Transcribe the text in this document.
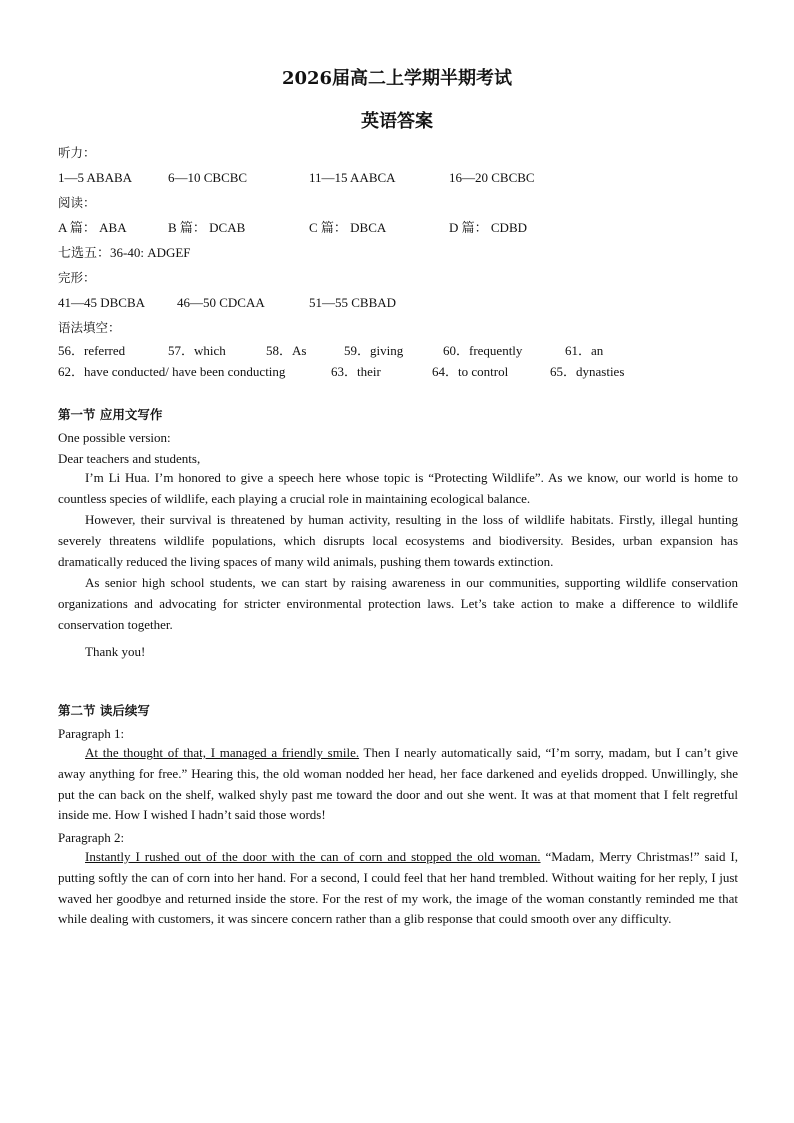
2026届高二上学期半期考试
英语答案
听力：
1—5 ABABA	6—10 CBCBC	11—15 AABCA	16—20 CBCBC
阅读：
A 篇： ABA	B 篇： DCAB	C 篇： DBCA	D 篇： CDBD
七选五：36-40: ADGEF
完形：
41—45 DBCBA 46—50 CDCAA	51—55 CBBAD
语法填空：
56．referred	57．which	58．As	59．giving	60．frequently	61．an
62．have conducted/ have been conducting	63．their	64．to control	65．dynasties
第一节 应用文写作
One possible version:
Dear teachers and students,
I’m Li Hua. I’m honored to give a speech here whose topic is “Protecting Wildlife”. As we know, our world is home to countless species of wildlife, each playing a crucial role in maintaining ecological balance.
However, their survival is threatened by human activity, resulting in the loss of wildlife habitats. Firstly, illegal hunting severely threatens wildlife populations, which disrupts local ecosystems and biodiversity. Besides, urban expansion has dramatically reduced the living spaces of many wild animals, pushing them towards extinction.
As senior high school students, we can start by raising awareness in our communities, supporting wildlife conservation organizations and advocating for stricter environmental protection laws. Let’s take action to make a difference to wildlife conservation together.
Thank you!
第二节 读后续写
Paragraph 1:
At the thought of that, I managed a friendly smile. Then I nearly automatically said, “I’m sorry, madam, but I can’t give away anything for free.” Hearing this, the old woman nodded her head, her face darkened and eyelids dropped. Unwillingly, she put the can back on the shelf, walked shyly past me toward the door and out she went. It was at that moment that I felt regretful inside me. How I wished I hadn’t said those words!
Paragraph 2:
Instantly I rushed out of the door with the can of corn and stopped the old woman. “Madam, Merry Christmas!” said I, putting softly the can of corn into her hand. For a second, I could feel that her hand trembled. Without waiting for her reply, I just waved her goodbye and returned inside the store. For the rest of my work, the image of the woman constantly reminded me that while dealing with customers, it was sincere concern rather than a glib response that could smooth over any difficulty.
